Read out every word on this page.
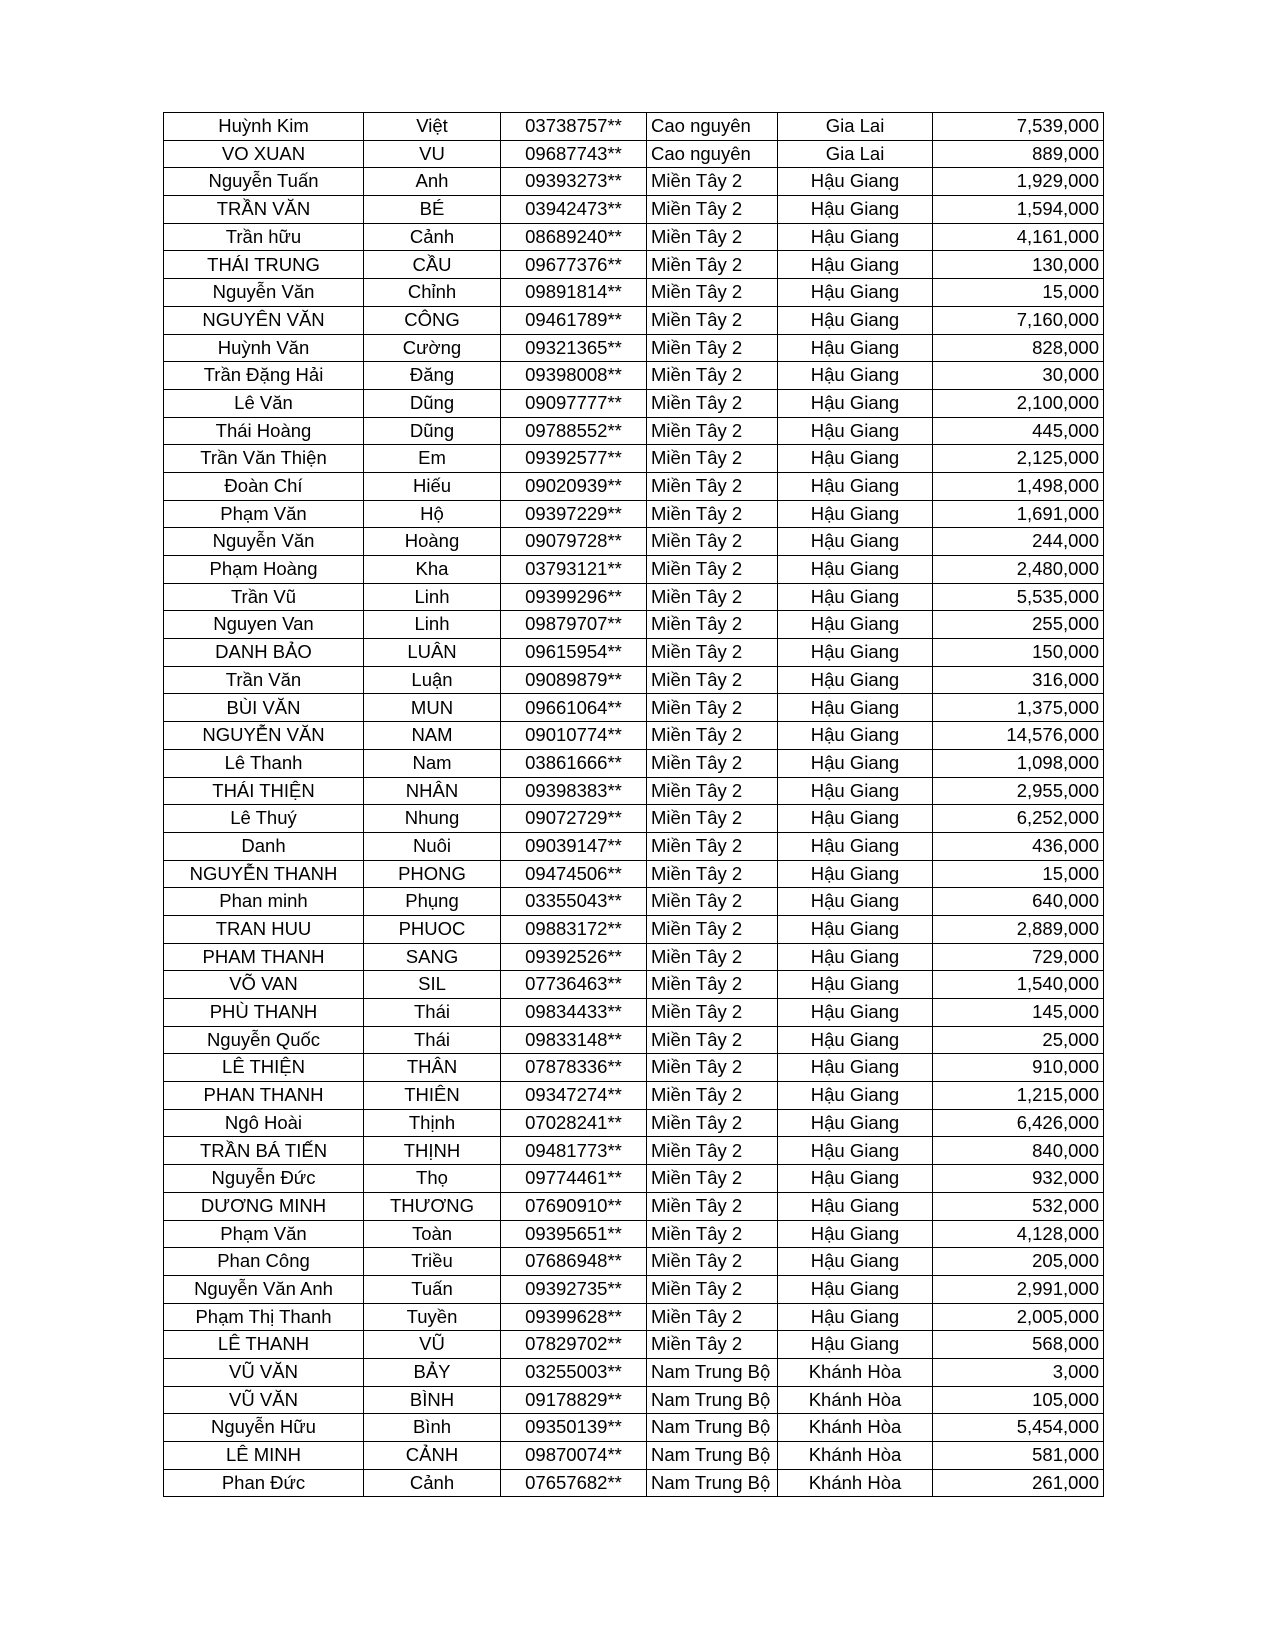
Huỳnh Kim	Việt	03738757**	Cao nguyên	Gia Lai	7,539,000
VO XUAN	VU	09687743**	Cao nguyên	Gia Lai	889,000
Nguyễn Tuấn	Anh	09393273**	Miền Tây 2	Hậu Giang	1,929,000
TRẦN VĂN	BÉ	03942473**	Miền Tây 2	Hậu Giang	1,594,000
Trần hữu	Cảnh	08689240**	Miền Tây 2	Hậu Giang	4,161,000
THÁI TRUNG	CẦU	09677376**	Miền Tây 2	Hậu Giang	130,000
Nguyễn Văn	Chỉnh	09891814**	Miền Tây 2	Hậu Giang	15,000
NGUYÊN VĂN	CÔNG	09461789**	Miền Tây 2	Hậu Giang	7,160,000
Huỳnh Văn	Cường	09321365**	Miền Tây 2	Hậu Giang	828,000
Trần Đặng Hải	Đăng	09398008**	Miền Tây 2	Hậu Giang	30,000
Lê Văn	Dũng	09097777**	Miền Tây 2	Hậu Giang	2,100,000
Thái Hoàng	Dũng	09788552**	Miền Tây 2	Hậu Giang	445,000
Trần Văn Thiện	Em	09392577**	Miền Tây 2	Hậu Giang	2,125,000
Đoàn Chí	Hiếu	09020939**	Miền Tây 2	Hậu Giang	1,498,000
Phạm Văn	Hộ	09397229**	Miền Tây 2	Hậu Giang	1,691,000
Nguyễn Văn	Hoàng	09079728**	Miền Tây 2	Hậu Giang	244,000
Phạm Hoàng	Kha	03793121**	Miền Tây 2	Hậu Giang	2,480,000
Trần Vũ	Linh	09399296**	Miền Tây 2	Hậu Giang	5,535,000
Nguyen Van	Linh	09879707**	Miền Tây 2	Hậu Giang	255,000
DANH BẢO	LUÂN	09615954**	Miền Tây 2	Hậu Giang	150,000
Trần Văn	Luận	09089879**	Miền Tây 2	Hậu Giang	316,000
BÙI VĂN	MUN	09661064**	Miền Tây 2	Hậu Giang	1,375,000
NGUYỄN VĂN	NAM	09010774**	Miền Tây 2	Hậu Giang	14,576,000
Lê Thanh	Nam	03861666**	Miền Tây 2	Hậu Giang	1,098,000
THÁI THIỆN	NHÂN	09398383**	Miền Tây 2	Hậu Giang	2,955,000
Lê Thuý	Nhung	09072729**	Miền Tây 2	Hậu Giang	6,252,000
Danh	Nuôi	09039147**	Miền Tây 2	Hậu Giang	436,000
NGUYỄN THANH	PHONG	09474506**	Miền Tây 2	Hậu Giang	15,000
Phan minh	Phụng	03355043**	Miền Tây 2	Hậu Giang	640,000
TRAN HUU	PHUOC	09883172**	Miền Tây 2	Hậu Giang	2,889,000
PHAM THANH	SANG	09392526**	Miền Tây 2	Hậu Giang	729,000
VÕ VAN	SIL	07736463**	Miền Tây 2	Hậu Giang	1,540,000
PHÙ THANH	Thái	09834433**	Miền Tây 2	Hậu Giang	145,000
Nguyễn Quốc	Thái	09833148**	Miền Tây 2	Hậu Giang	25,000
LÊ THIỆN	THÂN	07878336**	Miền Tây 2	Hậu Giang	910,000
PHAN THANH	THIÊN	09347274**	Miền Tây 2	Hậu Giang	1,215,000
Ngô Hoài	Thịnh	07028241**	Miền Tây 2	Hậu Giang	6,426,000
TRẦN BÁ TIẾN	THỊNH	09481773**	Miền Tây 2	Hậu Giang	840,000
Nguyễn Đức	Thọ	09774461**	Miền Tây 2	Hậu Giang	932,000
DƯƠNG MINH	THƯƠNG	07690910**	Miền Tây 2	Hậu Giang	532,000
Phạm Văn	Toàn	09395651**	Miền Tây 2	Hậu Giang	4,128,000
Phan Công	Triều	07686948**	Miền Tây 2	Hậu Giang	205,000
Nguyễn Văn Anh	Tuấn	09392735**	Miền Tây 2	Hậu Giang	2,991,000
Phạm Thị Thanh	Tuyền	09399628**	Miền Tây 2	Hậu Giang	2,005,000
LÊ THANH	VŨ	07829702**	Miền Tây 2	Hậu Giang	568,000
VŨ VĂN	BẢY	03255003**	Nam Trung Bộ	Khánh Hòa	3,000
VŨ VĂN	BÌNH	09178829**	Nam Trung Bộ	Khánh Hòa	105,000
Nguyễn Hữu	Bình	09350139**	Nam Trung Bộ	Khánh Hòa	5,454,000
LÊ MINH	CẢNH	09870074**	Nam Trung Bộ	Khánh Hòa	581,000
Phan Đức	Cảnh	07657682**	Nam Trung Bộ	Khánh Hòa	261,000
